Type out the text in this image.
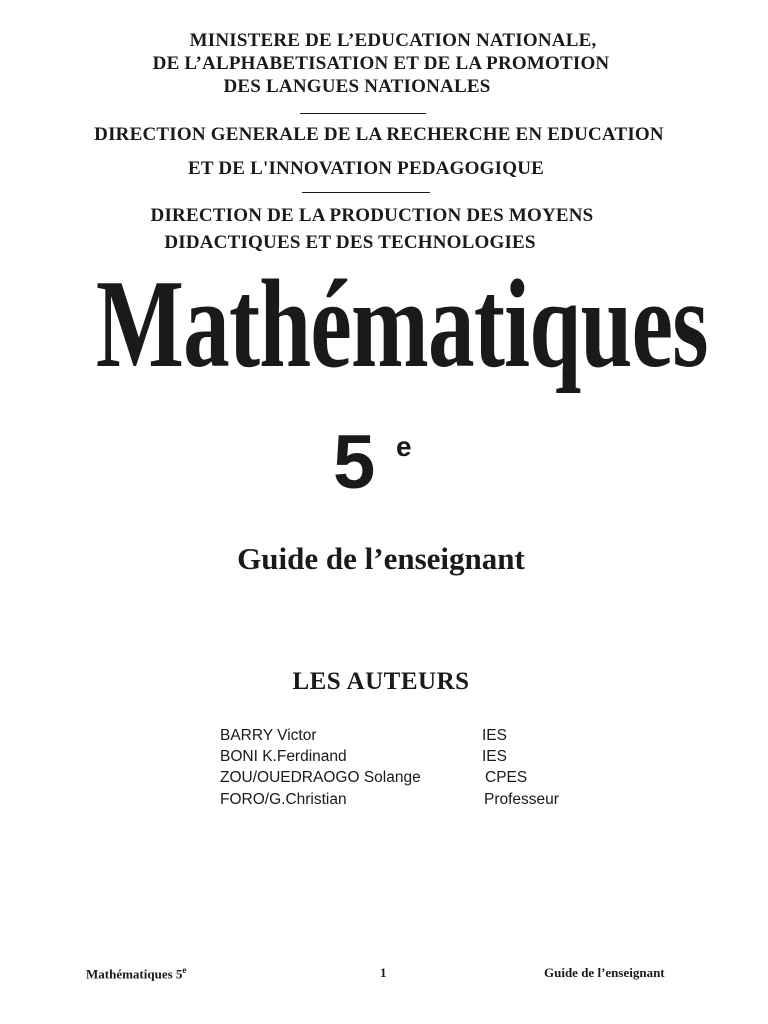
MINISTERE DE L’EDUCATION NATIONALE,
DE L’ALPHABETISATION ET DE LA PROMOTION
DES LANGUES NATIONALES
DIRECTION GENERALE DE LA RECHERCHE EN EDUCATION
ET DE L'INNOVATION PEDAGOGIQUE
DIRECTION DE LA PRODUCTION DES MOYENS
DIDACTIQUES ET DES TECHNOLOGIES
Mathématiques
5 e
Guide de l’enseignant
LES AUTEURS
BARRY Victor	IES
BONI K.Ferdinand	IES
ZOU/OUEDRAOGO Solange	CPES
FORO/G.Christian	Professeur
Mathématiques 5e	1	Guide de l’enseignant
